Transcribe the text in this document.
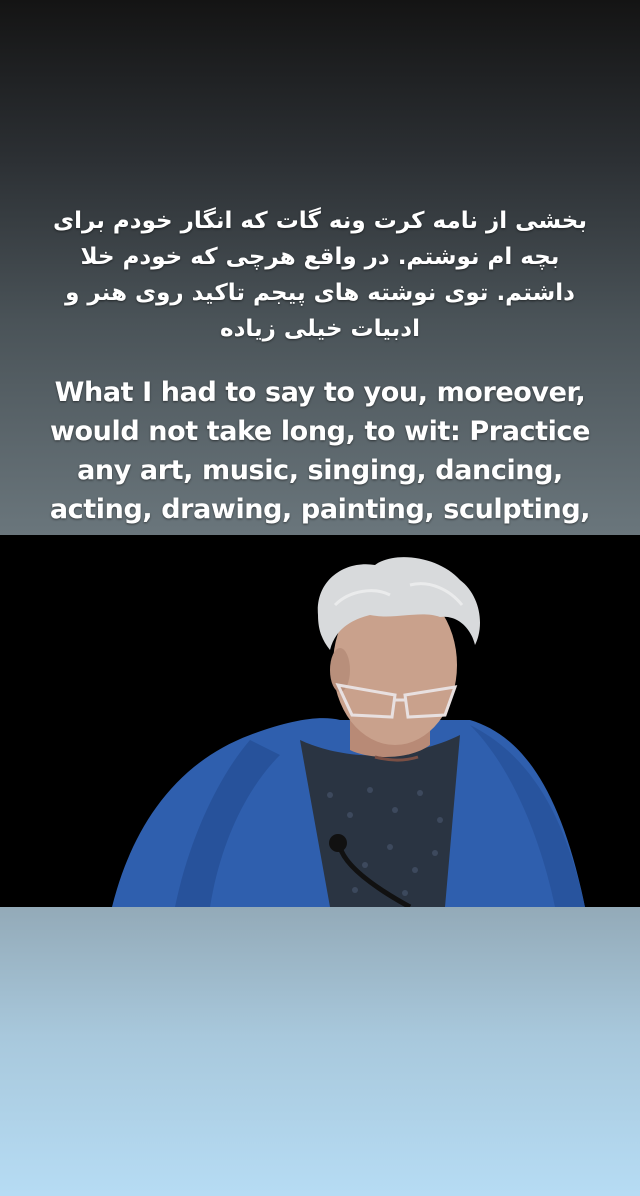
بخشی از نامه کرت ونه گات که انگار خودم برای
بچه ام نوشتم. در واقع هرچی که خودم خلا
داشتم. توی نوشته های پیجم تاکید روی هنر و
ادبیات خیلی زیاده
What I had to say to you, moreover,
would not take long, to wit: Practice
any art, music, singing, dancing,
acting, drawing, painting, sculpting,
